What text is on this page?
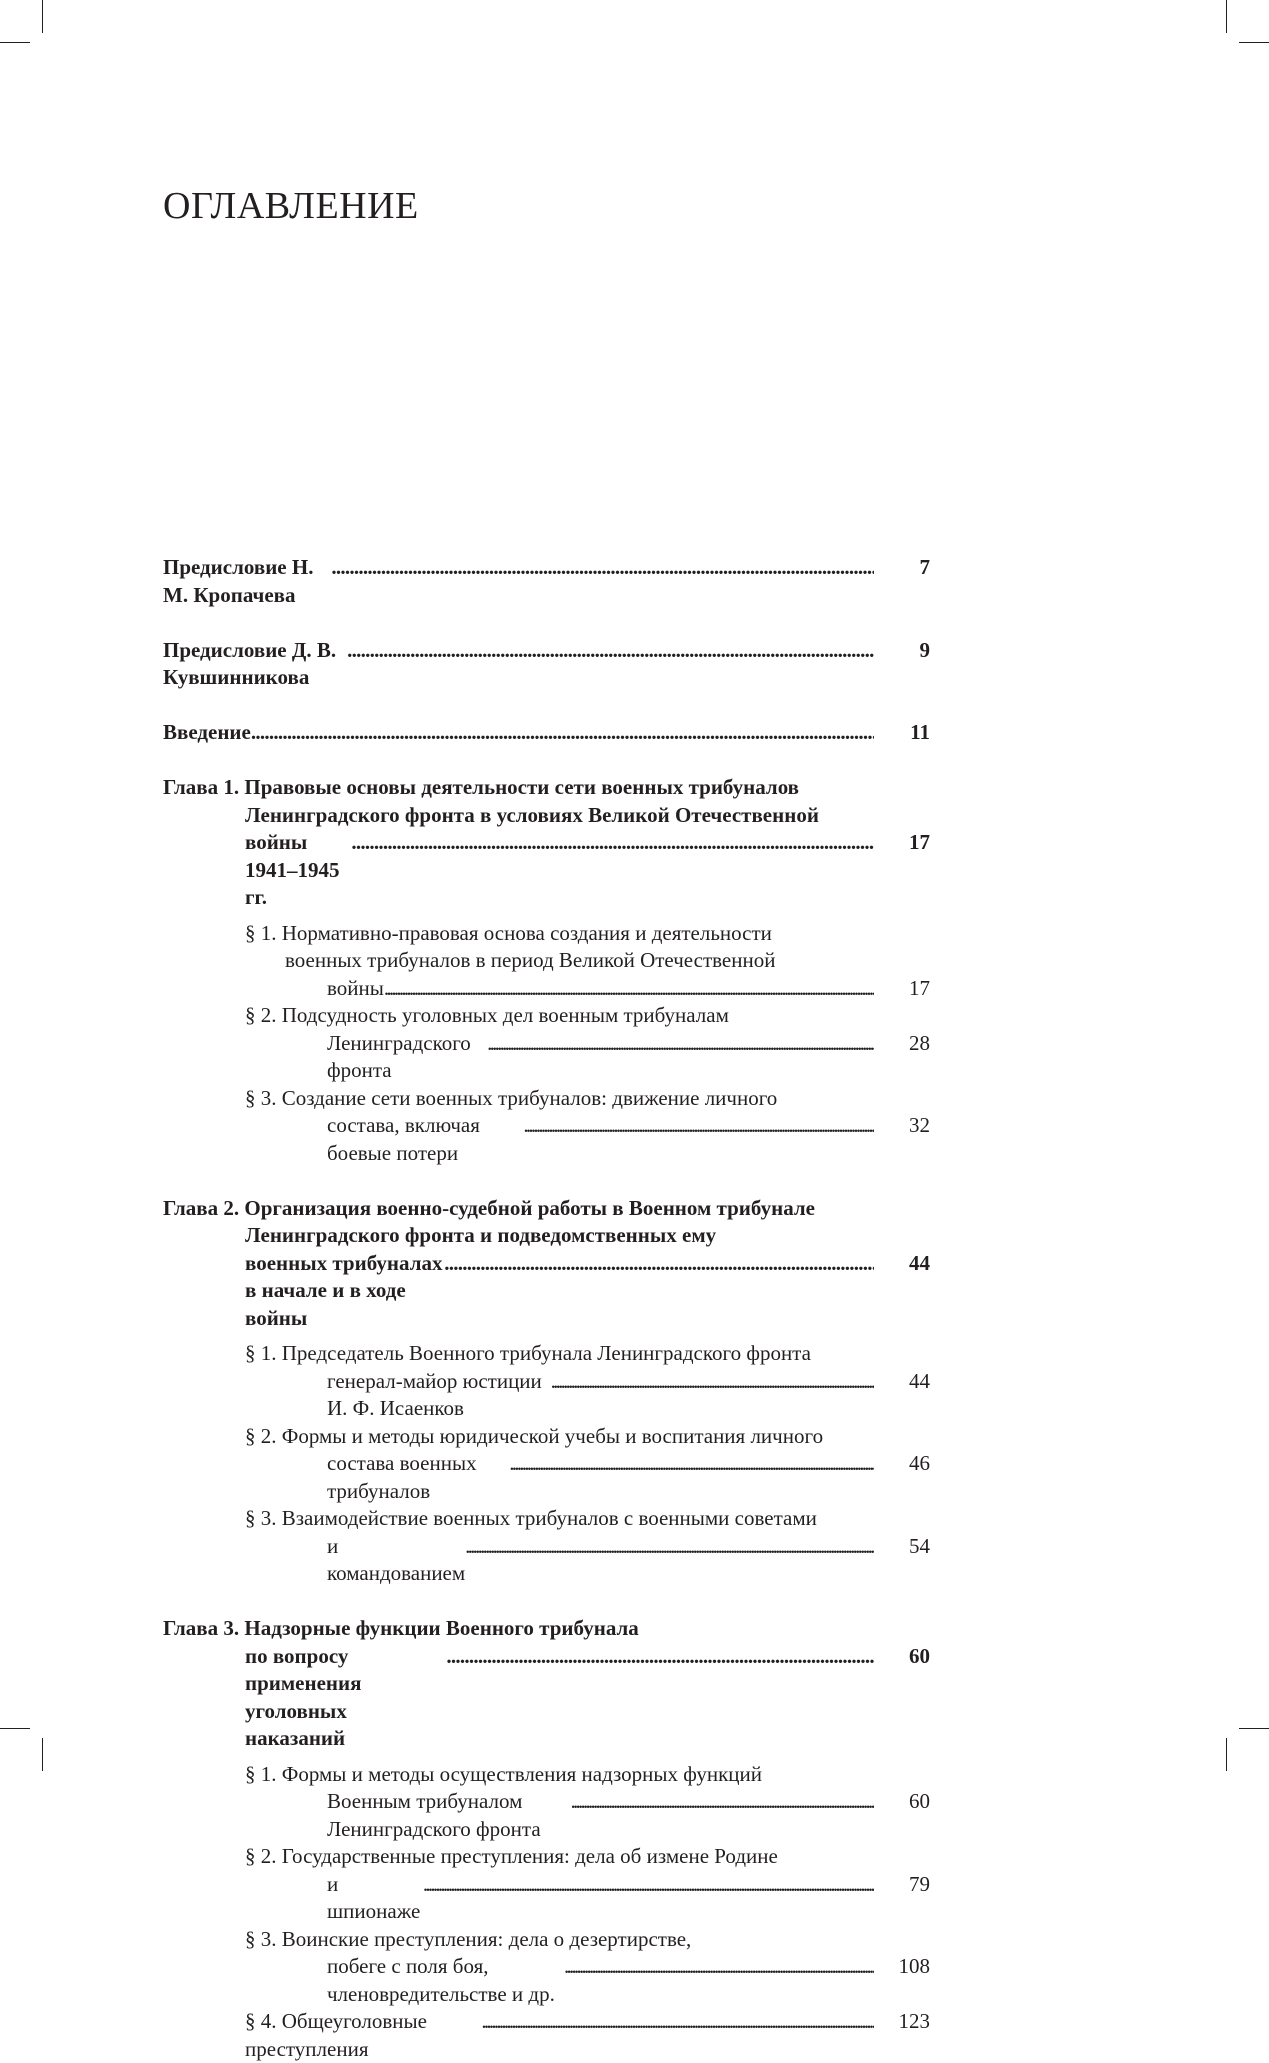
ОГЛАВЛЕНИЕ
Предисловие Н. М. Кропачева
. . .
7
Предисловие Д. В. Кувшинникова
. . .
9
Введение . . .	11
Глава 1. Правовые основы деятельности сети военных трибуналов
Ленинградского фронта в условиях Великой Отечественной
войны 1941–1945 гг.
. . .
17
§ 1. Нормативно-правовая основа создания и деятельности
военных трибуналов в период Великой Отечественной
войны . . .	17
§ 2. Подсудность уголовных дел военным трибуналам
Ленинградского фронта
. . .
28
§ 3. Создание сети военных трибуналов: движение личного
состава, включая боевые потери
. . .
32
Глава 2. Организация военно-судебной работы в Военном трибунале
Ленинградского фронта и подведомственных ему
военных трибуналах в начале и в ходе войны
. . .
44
§ 1. Председатель Военного трибунала Ленинградского фронта
генерал-майор юстиции И. Ф. Исаенков
. . .
44
§ 2. Формы и методы юридической учебы и воспитания личного
состава военных трибуналов
. . .
46
§ 3. Взаимодействие военных трибуналов с военными советами
и командованием
. . .
54
Глава 3. Надзорные функции Военного трибунала
по вопросу применения уголовных наказаний
. . .
60
§ 1. Формы и методы осуществления надзорных функций
Военным трибуналом Ленинградского фронта
. . .
60
§ 2. Государственные преступления: дела об измене Родине
и шпионаже
. . .
79
§ 3. Воинские преступления: дела о дезертирстве,
побеге с поля боя, членовредительстве и др.
. . .
108
§ 4. Общеуголовные преступления
. . .
123
